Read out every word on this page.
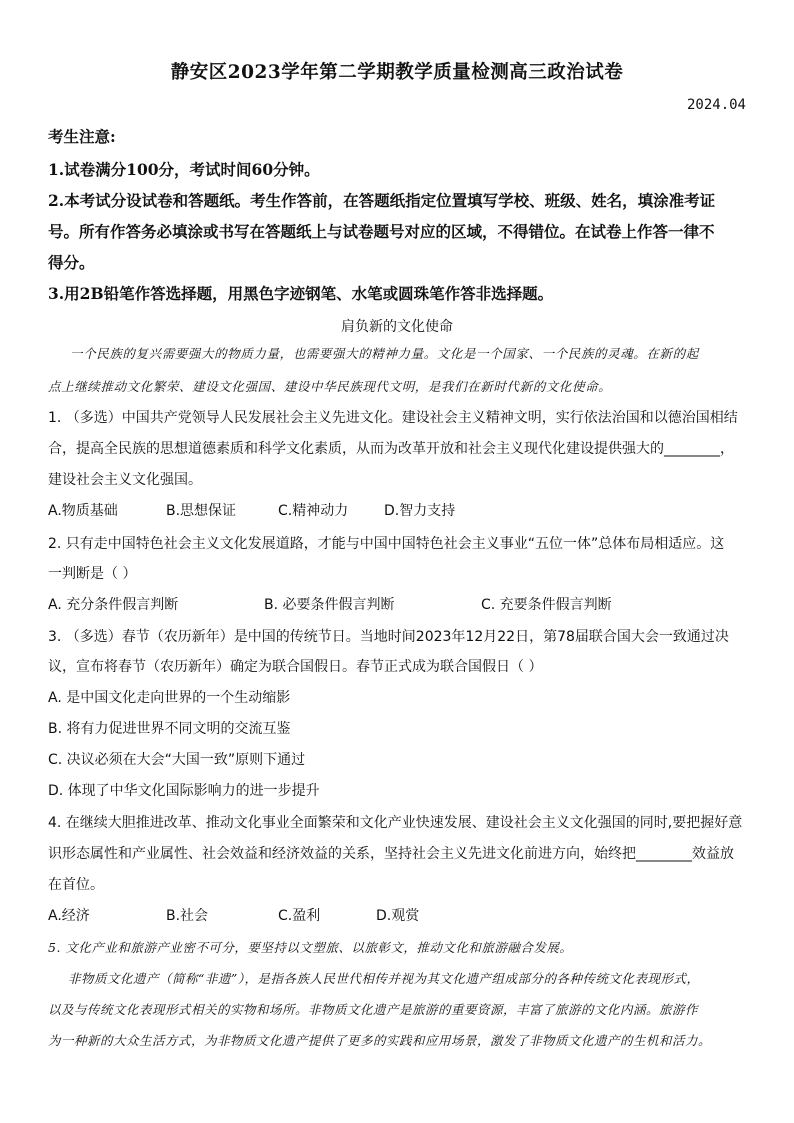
静安区2023学年第二学期教学质量检测高三政治试卷
2024.04
考生注意:
1.试卷满分100分，考试时间60分钟。
2.本考试分设试卷和答题纸。考生作答前，在答题纸指定位置填写学校、班级、姓名，填涂准考证
号。所有作答务必填涂或书写在答题纸上与试卷题号对应的区域，不得错位。在试卷上作答一律不
得分。
3.用2B铅笔作答选择题，用黑色字迹钢笔、水笔或圆珠笔作答非选择题。
肩负新的文化使命
一个民族的复兴需要强大的物质力量，也需要强大的精神力量。文化是一个国家、一个民族的灵魂。在新的起
点上继续推动文化繁荣、建设文化强国、建设中华民族现代文明，是我们在新时代新的文化使命。
1. （多选）中国共产党领导人民发展社会主义先进文化。建设社会主义精神文明，实行依法治国和以德治国相结
合，提高全民族的思想道德素质和科学文化素质，从而为改革开放和社会主义现代化建设提供强大的________，
建设社会主义文化强国。
A.物质基础	B.思想保证	C.精神动力	D.智力支持
2. 只有走中国特色社会主义文化发展道路，才能与中国中国特色社会主义事业“五位一体”总体布局相适应。这
一判断是（ ）
A. 充分条件假言判断	B. 必要条件假言判断	C. 充要条件假言判断
3. （多选）春节（农历新年）是中国的传统节日。当地时间2023年12月22日，第78届联合国大会一致通过决
议，宣布将春节（农历新年）确定为联合国假日。春节正式成为联合国假日（ ）
A. 是中国文化走向世界的一个生动缩影
B. 将有力促进世界不同文明的交流互鉴
C. 决议必须在大会“大国一致”原则下通过
D. 体现了中华文化国际影响力的进一步提升
4. 在继续大胆推进改革、推动文化事业全面繁荣和文化产业快速发展、建设社会主义文化强国的同时,要把握好意
识形态属性和产业属性、社会效益和经济效益的关系，坚持社会主义先进文化前进方向，始终把________效益放
在首位。
A.经济	B.社会	C.盈利	D.观赏
5. 文化产业和旅游产业密不可分，要坚持以文塑旅、以旅彰文，推动文化和旅游融合发展。
非物质文化遗产（简称“非遗”），是指各族人民世代相传并视为其文化遗产组成部分的各种传统文化表现形式，
以及与传统文化表现形式相关的实物和场所。非物质文化遗产是旅游的重要资源，丰富了旅游的文化内涵。旅游作
为一种新的大众生活方式，为非物质文化遗产提供了更多的实践和应用场景，激发了非物质文化遗产的生机和活力。
